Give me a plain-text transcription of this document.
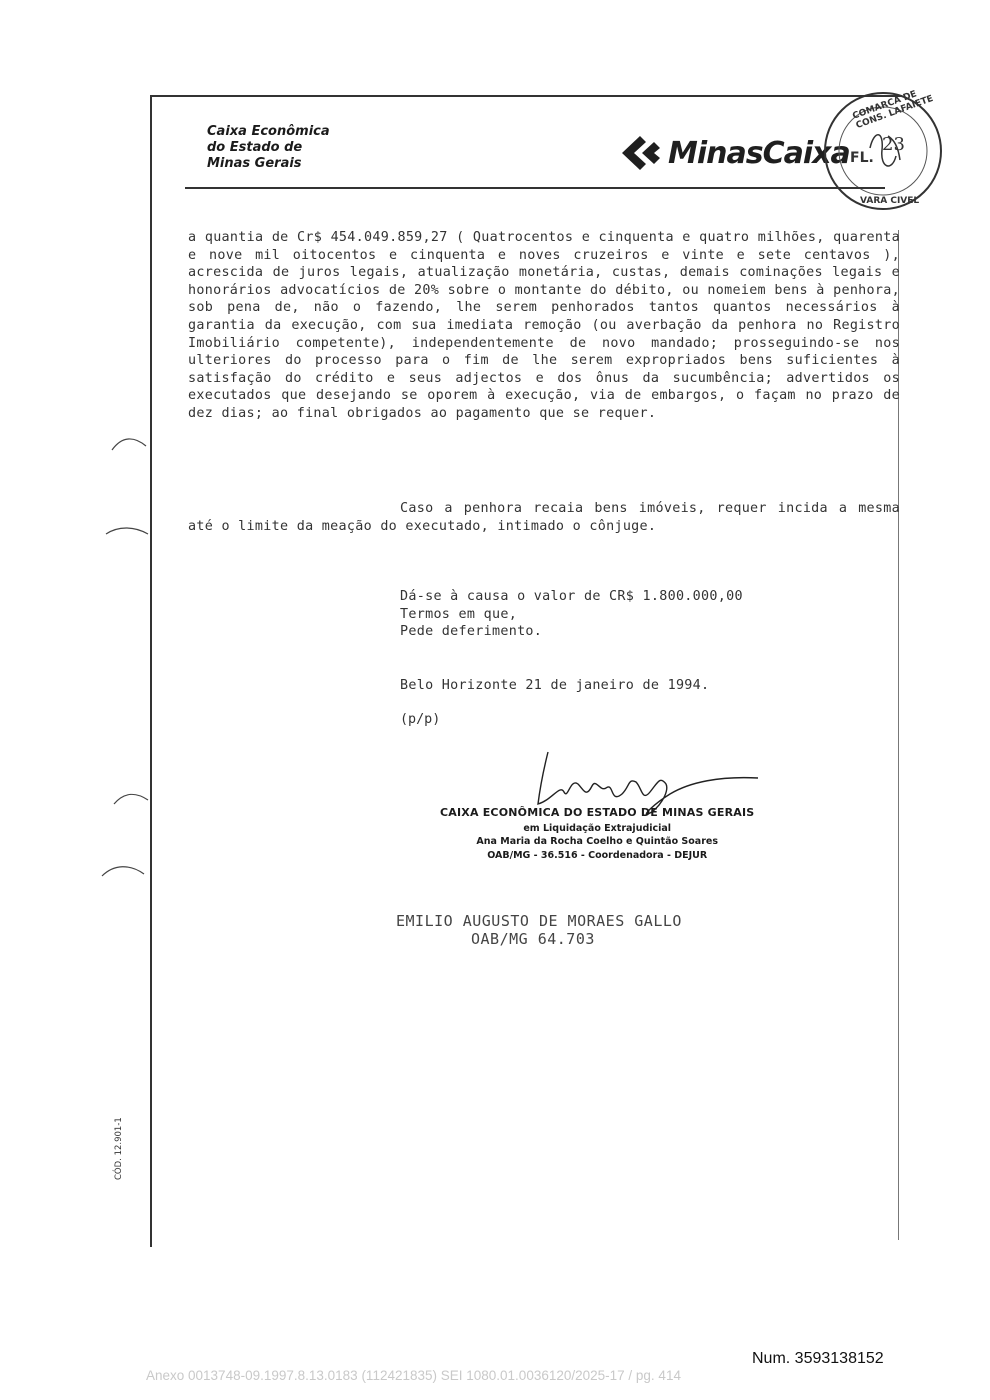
Caixa Econômica
do Estado de
Minas Gerais	MinasCaixa
COMARCA DE CONS. LAFAIETE
VARA CIVEL
FL.
23
a quantia de Cr$ 454.049.859,27 ( Quatrocentos e cinquenta e quatro milhões, quarenta e nove mil oitocentos e cinquenta e noves cruzeiros e vinte e sete centavos ), acrescida de juros legais, atualização monetária, custas, demais cominações legais e honorários advocatícios de 20% sobre o montante do débito, ou nomeiem bens à penhora, sob pena de, não o fazendo, lhe serem penhorados tantos quantos necessários à garantia da execução, com sua imediata remoção (ou averbação da penhora no Registro Imobiliário competente), independentemente de novo mandado; prosseguindo-se nos ulteriores do processo para o fim de lhe serem expropriados bens suficientes à satisfação do crédito e seus adjectos e dos ônus da sucumbência; advertidos os executados que desejando se oporem à execução, via de embargos, o façam no prazo de dez dias; ao final obrigados ao pagamento que se requer.
Caso a penhora recaia bens imóveis, requer incida a mesma até o limite da meação do executado, intimado o cônjuge.
Dá-se à causa o valor de CR$ 1.800.000,00
Termos em que,
Pede deferimento.
Belo Horizonte 21 de janeiro de 1994.
(p/p)
CAIXA ECONÔMICA DO ESTADO DE MINAS GERAIS
em Liquidação Extrajudicial
Ana Maria da Rocha Coelho e Quintão Soares
OAB/MG - 36.516 - Coordenadora - DEJUR
EMILIO AUGUSTO DE MORAES GALLO
OAB/MG 64.703
CÓD. 12.901-1
Num. 3593138152
Anexo 0013748-09.1997.8.13.0183 (112421835) SEI 1080.01.0036120/2025-17 / pg. 414
